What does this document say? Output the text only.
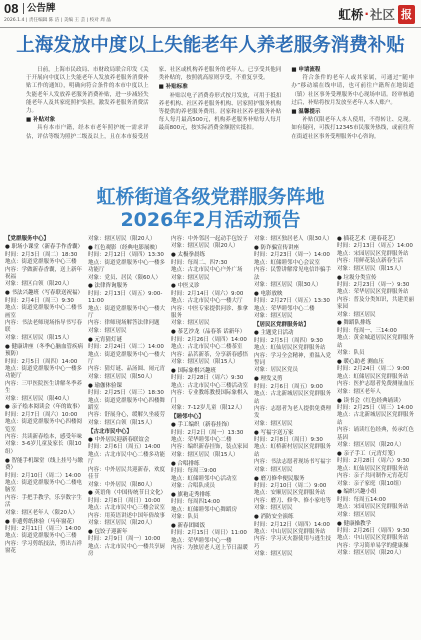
08 公告牌
2026.1.4 | 责任编辑 陈 洁 | 美编 王 芸 | 校对 周 晶	虹桥 · 社区 报
上海发放中度以上失能老年人养老服务消费补贴

日前，上海市民政局、市财政局联合印发《关于开展向中度以上失能老年人发放养老服务消费补贴工作的通知》，明确向符合条件的本市中度以上失能老年人发放养老服务消费补贴，进一步减轻失能老年人及其家庭照护负担，激发养老服务消费活力。

■ 补贴对象

具有本市户籍，经本市老年照护统一需求评估，评估等级为照护二级及以上，且在本市接受居家、社区或机构养老服务的老年人。已享受其他同类补贴的，按照就高原则享受，不重复享受。

■ 补贴标准

补贴以电子消费券形式按月发放，可用于抵扣养老机构、社区养老服务机构、居家照护服务机构等提供的养老服务费用。居家和社区养老服务补贴每人每月最高500元，机构养老服务补贴每人每月最高800元，按实际消费金额据实抵扣。

■ 申请流程

符合条件的老年人或其家属，可通过“随申办”移动端在线申请，也可前往户籍所在地街道（镇）社区事务受理服务中心现场申请。经审核通过后，补贴将按月发放至老年人本人账户。

■ 温馨提示

补贴仅限老年人本人使用，不得转让、兑现。如有疑问，可拨打12345市民服务热线，或前往所在街道社区事务受理服务中心咨询。

虹桥街道各级党群服务阵地
2026年2月活动预告
【党群服务中心】
● 职场小课堂（新春手作香囊）
时间：2月3日（周二）18:30
地点：街道党群服务中心三楼
内容：学做新春香囊，送上新年祝福
对象：辖区白领（限20人）
● 书法兴趣班（写春联送祝福）
时间：2月4日（周三）9:30
地点：街道党群服务中心二楼书画室
内容：书法老师现场指导书写春联
对象：辖区居民（限15人）
● 健康讲座（冬季心脑血管疾病预防）
时间：2月5日（周四）14:00
地点：街道党群服务中心一楼多功能厅
内容：三甲医院医生讲解冬季养生
对象：辖区居民（限40人）
● 亲子绘本阅读会（年的故事）
时间：2月7日（周六）10:00
地点：街道党群服务中心四楼阅览室
内容：共读新春绘本，感受年味
对象：3-6岁儿童及家长（限10组）
● 智能手机课堂（线上挂号与缴费）
时间：2月10日（周二）14:00
地点：街道党群服务中心二楼电脑室
内容：手把手教学，乐享数字生活
对象：辖区老年人（限20人）
● 非遗剪纸体验（马年窗花）
时间：2月11日（周三）14:00
地点：街道党群服务中心三楼
内容：学习剪纸技法，剪出吉祥窗花
对象：辖区居民（限20人）
● 红色观影（经典电影展映）
时间：2月12日（周四）13:30
地点：街道党群服务中心一楼多功能厅
对象：党员、居民（限60人）
● 法律咨询服务
时间：2月13日（周五）9:00-11:00
地点：街道党群服务中心一楼大厅
内容：律师现场解答法律问题
对象：辖区居民
● 元宵猜灯谜
时间：2月24日（周二）14:00
地点：街道党群服务中心一楼大厅
内容：猜灯谜、品汤圆、闹元宵
对象：辖区居民（限50人）
● 瑜伽体验课
时间：2月25日（周三）18:30
地点：街道党群服务中心四楼舞蹈室
内容：舒展身心，缓解久坐疲劳
对象：辖区白领（限15人）
【古北市民中心】
● 中外居民迎新春联谊会
时间：2月6日（周五）14:00
地点：古北市民中心二楼多功能厅
内容：中外居民共迎新春，欢度佳节
对象：中外居民（限80人）
● 英语角（中国传统节日文化）
时间：2月8日（周日）10:00
地点：古北市民中心三楼会议室
内容：用英语讲述中国年俗故事
对象：辖区居民（限20人）
● 包饺子迎新年
时间：2月9日（周一）10:00
地点：古北市民中心一楼共享厨房
内容：中外邻居一起动手包饺子
对象：辖区居民（限20人）
● 太极拳晨练
时间：每周二、四7:30
地点：古北市民中心户外广场
对象：辖区居民
● 中医义诊
时间：2月14日（周六）9:00
地点：古北市民中心一楼大厅
内容：中医专家提供问诊、推拿服务
对象：辖区居民
● 茶艺沙龙（品春茶 话新年）
时间：2月26日（周四）14:00
地点：古北市民中心二楼茶室
内容：品茗新茶，分享新春感悟
对象：辖区居民（限15人）
● 国际象棋兴趣班
时间：2月28日（周六）9:30
地点：古北市民中心三楼活动室
内容：专业教练教授国际象棋入门
对象：7-12岁儿童（限12人）
【睦邻中心】
● 手工编织（新春挂饰）
时间：2月2日（周一）13:30
地点：荣华睦邻中心二楼
内容：编织新春挂饰，装点家园
对象：辖区居民（限15人）
● 合唱排练
时间：每周三9:00
地点：虹储睦邻中心活动室
对象：合唱队成员
● 旗袍走秀排练
时间：每周四14:00
地点：虹储睦邻中心舞蹈房
对象：队员
● 新春团圆饭
时间：2月15日（周日）11:00
地点：荣华睦邻中心一楼
内容：为独居老人送上节日温暖
对象：辖区独居老人（限30人）
● 防诈骗宣传讲座
时间：2月23日（周一）14:00
地点：虹储睦邻中心会议室
内容：民警讲解常见电信诈骗手法
对象：辖区居民（限30人）
● 电影放映
时间：2月27日（周五）13:30
地点：荣华睦邻中心二楼
对象：辖区居民
【居民区党群服务站】
● 主题党日活动
时间：2月5日（周四）9:30
地点：虹仙居民区党群服务站
内容：学习全会精神，重温入党誓词
对象：居民区党员
● 理发义剪
时间：2月6日（周五）9:00
地点：古北新城居民区党群服务站
内容：志愿者为老人提供免费理发
对象：辖区居民
● 写福字送万家
时间：2月8日（周日）9:30
地点：虹桥新村居民区党群服务站
内容：书法志愿者现场书写福字
对象：辖区居民
● 磨刀修伞便民服务
时间：2月10日（周二）9:00
地点：安顺居民区党群服务站
内容：磨刀、修伞、修小家电等
对象：辖区居民
● 消防安全演练
时间：2月12日（周四）14:00
地点：中山居民区党群服务站
内容：学习灭火器使用与逃生技巧
对象：辖区居民
● 插花艺术（迎春花艺）
时间：2月13日（周五）14:00
地点：宋园居民区党群服务站
内容：用鲜花装点新春生活
对象：辖区居民（限15人）
● 垃圾分类宣传
时间：2月23日（周一）9:30
地点：荣华居民区党群服务站
内容：普及分类知识，共建美丽家园
对象：辖区居民
● 舞蹈队排练
时间：每周一、三14:00
地点：黄金城道居民区党群服务站
对象：队员
● 暖心助老 测血压
时间：2月24日（周二）9:00
地点：虹储居民区党群服务站
内容：医护志愿者免费测量血压
对象：辖区老年人
● 读书会（红色经典诵读）
时间：2月25日（周三）14:00
地点：古北新城居民区党群服务站
内容：诵读红色经典，传承红色基因
对象：辖区居民（限20人）
● 亲子手工（元宵灯笼）
时间：2月28日（周六）9:30
地点：虹仙居民区党群服务站
内容：亲子共同制作元宵花灯
对象：亲子家庭（限10组）
● 编织兴趣小组
时间：每周五14:00
地点：宋园居民区党群服务站
对象：辖区居民
● 健康操教学
时间：2月26日（周四）9:30
地点：中山居民区党群服务站
内容：学习简单易学的健康操
对象：辖区居民（限20人）
